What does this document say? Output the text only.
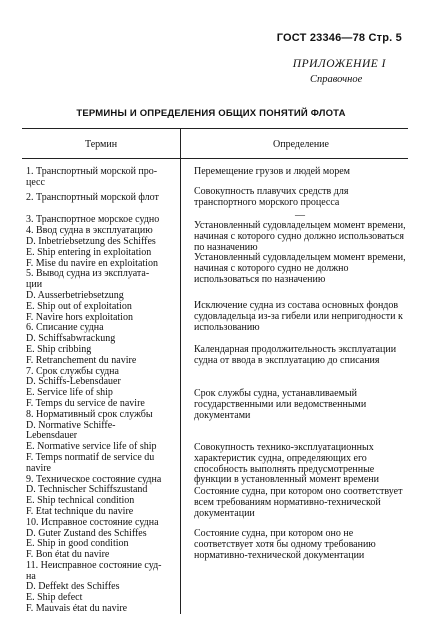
ГОСТ 23346—78 Стр. 5
ПРИЛОЖЕНИЕ I
Справочное
ТЕРМИНЫ И ОПРЕДЕЛЕНИЯ ОБЩИХ ПОНЯТИЙ ФЛОТА
Термин	Определение
1. Транспортный морской про-
цесс
2. Транспортный морской флот
3. Транспортное морское судно
4. Ввод судна в эксплуатацию
D. Inbetriebsetzung des Schiffes
E. Ship entering in exploitation
F. Mise du navire en exploitation
5. Вывод судна из эксплуата-
ции
D. Ausserbetriebsetzung
E. Ship out of exploitation
F. Navire hors exploitation
6. Списание судна
D. Schiffsabwrackung
E. Ship cribbing
F. Retranchement du navire
7. Срок службы судна
D. Schiffs-Lebensdauer
E. Service life of ship
F. Temps du service de navire
8. Нормативный срок службы
D. Normative Schiffe-
Lebensdauer
E. Normative service life of ship
F. Temps normatif de service du
navire
9. Техническое состояние судна
D. Technischer Schiffszustand
E. Ship technical condition
F. Etat technique du navire
10. Исправное состояние судна
D. Guter Zustand des Schiffes
E. Ship in good condition
F. Bon état du navire
11. Неисправное состояние суд-
на
D. Deffekt des Schiffes
E. Ship defect
F. Mauvais état du navire
Перемещение грузов и людей морем
Совокупность плавучих средств для транспортного морского процесса
—
Установленный судовладельцем момент времени, начиная с которого судно должно использоваться по назначению
Установленный судовладельцем момент времени, начиная с которого судно не должно использоваться по назначению
Исключение судна из состава основных фондов судовладельца из-за гибели или непригодности к использованию
Календарная продолжительность эксплуатации судна от ввода в эксплуатацию до списания
Срок службы судна, устанавливаемый государственными или ведомственными документами
Совокупность технико-эксплуатационных характеристик судна, определяющих его способность выполнять предусмотренные функции в установленный момент времени
Состояние судна, при котором оно соответствует всем требованиям нормативно-технической документации
Состояние судна, при котором оно не соответствует хотя бы одному требованию нормативно-технической документации
